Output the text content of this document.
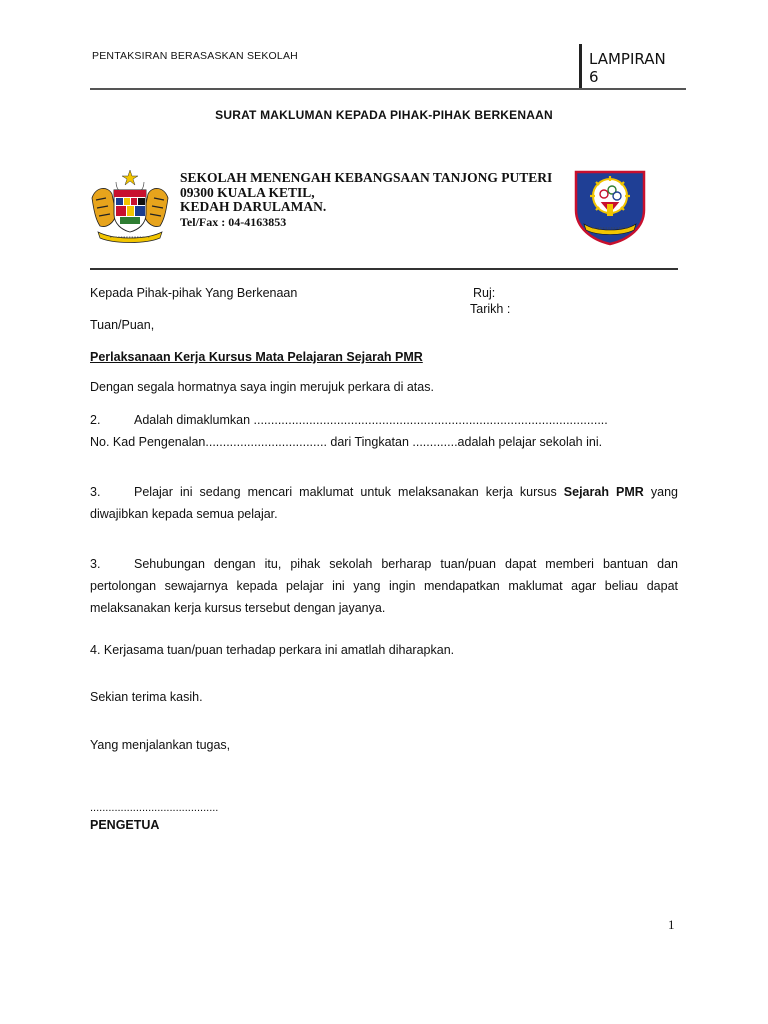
PENTAKSIRAN BERASASKAN SEKOLAH	LAMPIRAN
6
SURAT MAKLUMAN KEPADA PIHAK-PIHAK BERKENAAN
SEKOLAH MENENGAH KEBANGSAAN TANJONG PUTERI
09300 KUALA KETIL,
KEDAH DARULAMAN.
Tel/Fax : 04-4163853
Kepada Pihak-pihak Yang Berkenaan	Ruj:
Tarikh :
Tuan/Puan,
Perlaksanaan Kerja Kursus Mata Pelajaran Sejarah PMR
Dengan segala hormatnya saya ingin merujuk perkara di atas.
2.	Adalah dimaklumkan ......................................................................................................
No. Kad Pengenalan................................... dari Tingkatan .............adalah pelajar sekolah ini.
3.	Pelajar ini sedang mencari maklumat untuk melaksanakan kerja kursus Sejarah PMR yang diwajibkan kepada semua pelajar.
3.	Sehubungan dengan itu, pihak sekolah berharap tuan/puan dapat memberi bantuan dan pertolongan sewajarnya kepada pelajar ini yang ingin mendapatkan maklumat agar beliau dapat melaksanakan kerja kursus tersebut dengan jayanya.
4. Kerjasama tuan/puan terhadap perkara ini amatlah diharapkan.
Sekian terima kasih.
Yang menjalankan tugas,
..........................................
PENGETUA
1
